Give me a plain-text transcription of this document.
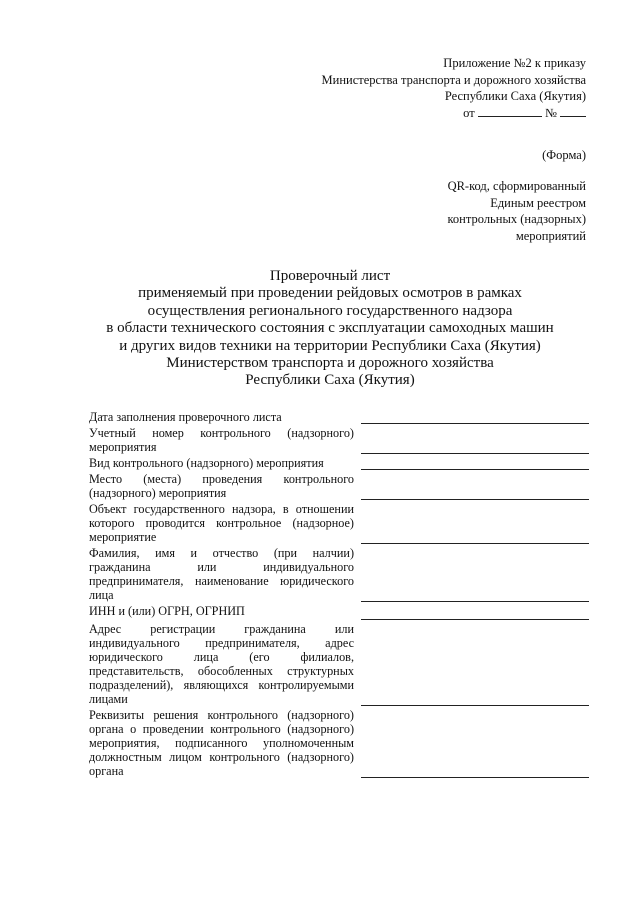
Приложение №2 к приказу
Министерства транспорта и дорожного хозяйства
Республики Саха (Якутия)
от	№
(Форма)
QR-код, сформированный
Единым реестром
контрольных (надзорных)
мероприятий
Проверочный лист
применяемый при проведении рейдовых осмотров в рамках
осуществления регионального государственного надзора
в области технического состояния с эксплуатации самоходных машин
и других видов техники на территории Республики Саха (Якутия)
Министерством транспорта и дорожного хозяйства
Республики Саха (Якутия)
Дата заполнения проверочного листа
Учетный номер контрольного (надзорного) мероприятия
Вид контрольного (надзорного) мероприятия
Место (места) проведения контрольного (надзорного) мероприятия
Объект государственного надзора, в отношении которого проводится контрольное (надзорное) мероприятие
Фамилия, имя и отчество (при налчии) гражданина или индивидуального предпринимателя, наименование юридического лица
ИНН и (или) ОГРН, ОГРНИП
Адрес регистрации гражданина или индивидуального предпринимателя, адрес юридического лица (его филиалов, представительств, обособленных структурных подразделений), являющихся контролируемыми лицами
Реквизиты решения контрольного (надзорного) органа о проведении контрольного (надзорного) мероприятия, подписанного уполномоченным должностным лицом контрольного (надзорного) органа
